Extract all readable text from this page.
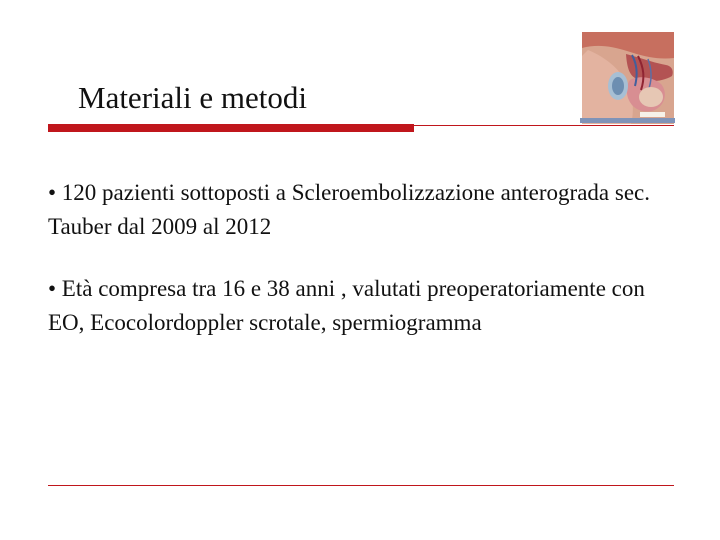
Materiali e metodi

• 120 pazienti sottoposti a Scleroembolizzazione anterograda sec. Tauber dal 2009 al 2012

• Età compresa tra 16 e 38 anni , valutati preoperatoriamente con EO, Ecocolordoppler scrotale, spermiogramma
